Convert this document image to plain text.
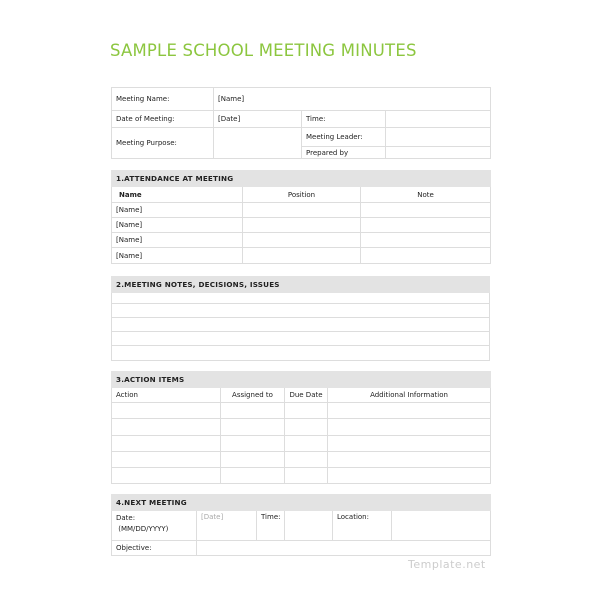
SAMPLE SCHOOL MEETING MINUTES
Meeting Name:	[Name]		
Date of Meeting:	[Date]	Time:	
Meeting Purpose:		Meeting Leader:	
		Prepared by	
1.ATTENDANCE AT MEETING		
Name	Position	Note
[Name]		
[Name]		
[Name]		
[Name]		
2.MEETING NOTES, DECISIONS, ISSUES

3.ACTION ITEMS			
Action	Assigned to	Due Date	Additional Information

4.NEXT MEETING					
Date:
(MM/DD/YYYY)	[Date]	Time:		Location:	
Objective:					
Template.net
